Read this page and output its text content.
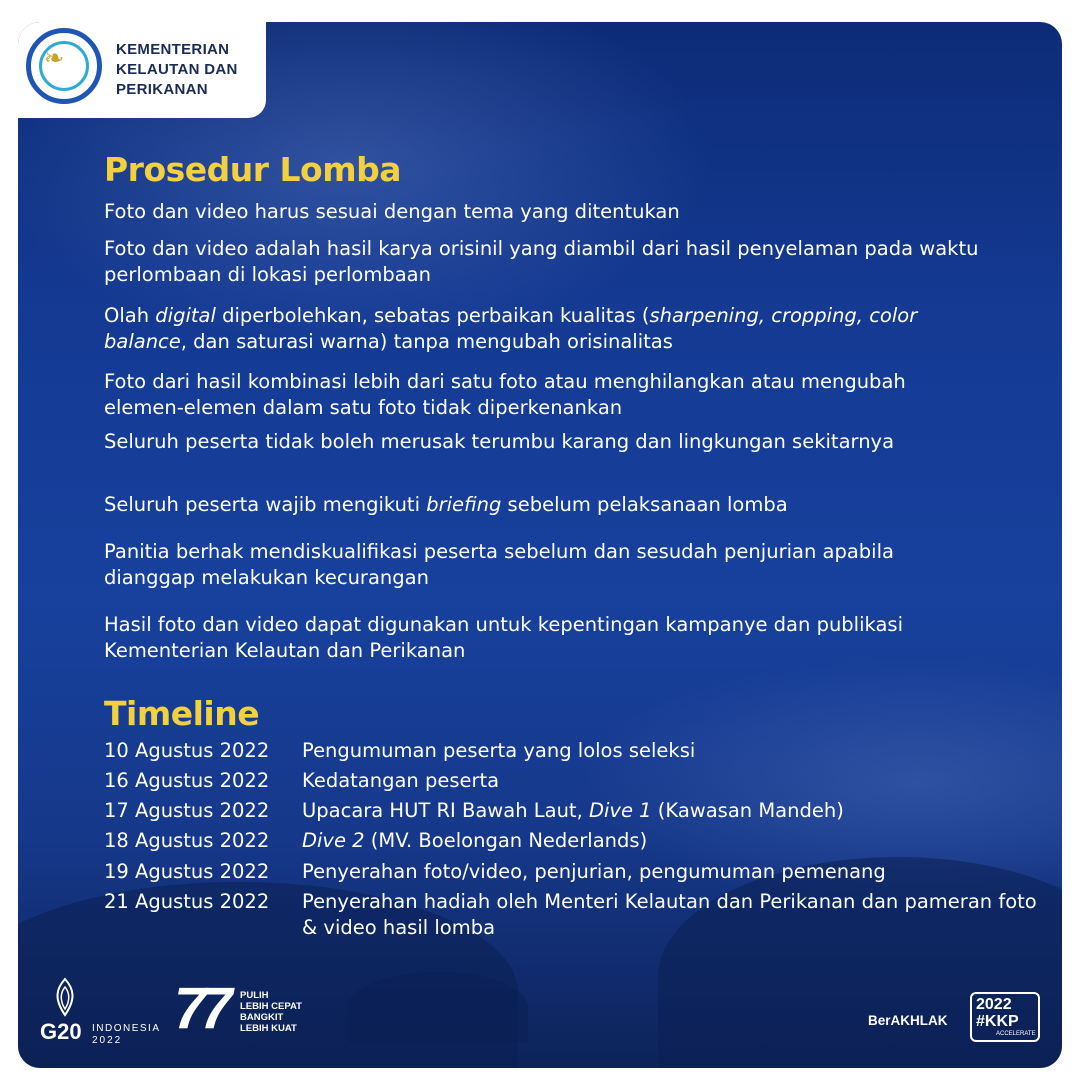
❧	KEMENTERIAN
KELAUTAN DAN
PERIKANAN
Prosedur Lomba
Foto dan video harus sesuai dengan tema yang ditentukan
Foto dan video adalah hasil karya orisinil yang diambil dari hasil penyelaman pada waktu perlombaan di lokasi perlombaan
Olah digital diperbolehkan, sebatas perbaikan kualitas (sharpening, cropping, color balance, dan saturasi warna) tanpa mengubah orisinalitas
Foto dari hasil kombinasi lebih dari satu foto atau menghilangkan atau mengubah elemen-elemen dalam satu foto tidak diperkenankan
Seluruh peserta tidak boleh merusak terumbu karang dan lingkungan sekitarnya
Seluruh peserta wajib mengikuti briefing sebelum pelaksanaan lomba
Panitia berhak mendiskualifikasi peserta sebelum dan sesudah penjurian apabila dianggap melakukan kecurangan
Hasil foto dan video dapat digunakan untuk kepentingan kampanye dan publikasi Kementerian Kelautan dan Perikanan
Timeline
10 Agustus 2022 Pengumuman peserta yang lolos seleksi
16 Agustus 2022 Kedatangan peserta
17 Agustus 2022 Upacara HUT RI Bawah Laut, Dive 1 (Kawasan Mandeh)
18 Agustus 2022 Dive 2 (MV. Boelongan Nederlands)
19 Agustus 2022 Penyerahan foto/video, penjurian, pengumuman pemenang
21 Agustus 2022 Penyerahan hadiah oleh Menteri Kelautan dan Perikanan dan pameran foto & video hasil lomba
G20 INDONESIA
2022 77 PULIH
LEBIH CEPAT
BANGKIT
LEBIH KUAT
BerAKHLAK
2022
#KKP
ACCELERATE
